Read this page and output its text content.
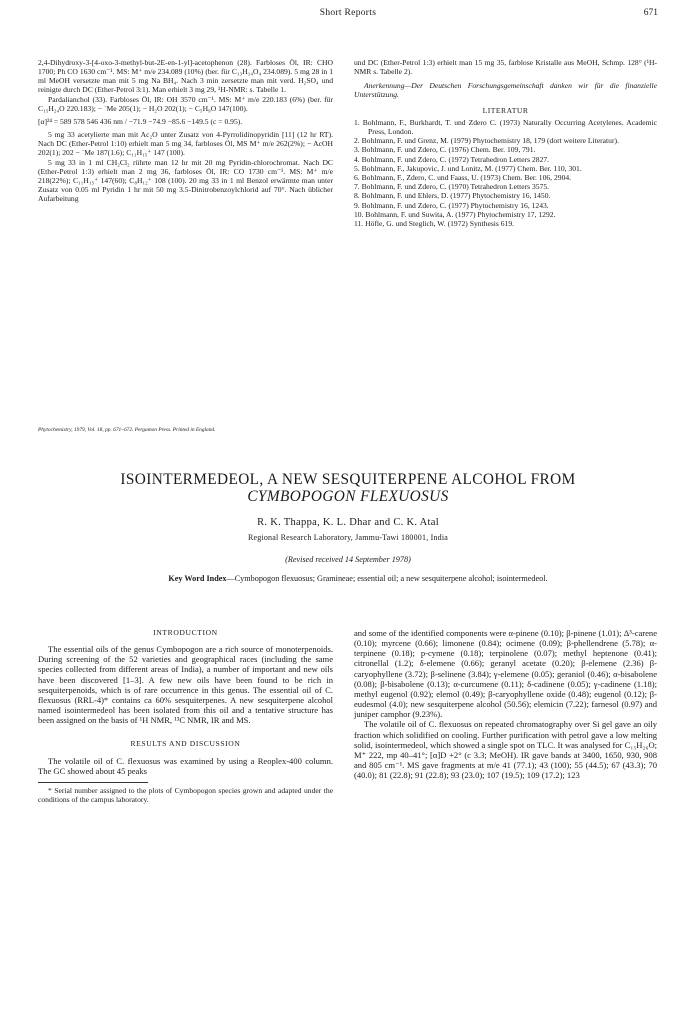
Short Reports	671

2,4-Dihydroxy-3-[4-oxo-3-methyl-but-2E-en-1-yl]-acetophenon (28). Farbloses Öl, IR: CHO 1700; Ph CO 1630 cm⁻¹. MS: M⁺ m/e 234.089 (10%) (ber. für C₁₃H₁₄O₄ 234.089). 5 mg 28 in 1 ml MeOH versetzte man mit 5 mg Na BH₄. Nach 3 min zersetzte man mit verd. H₂SO₄ und reinigte durch DC (Ether-Petrol 3:1). Man erhielt 3 mg 29, ¹H-NMR: s. Tabelle 1.

Pardalianchol (33). Farbloses Öl, IR: OH 3570 cm⁻¹. MS: M⁺ m/e 220.183 (6%) (ber. für C₁₅H₂₄O 220.183); − ˙Me 205(1); − H₂O 202(1); − C₅H₉O 147(100).

[α]²⁴ = 589 578 546 436 nm / −71.9 −74.9 −85.6 −149.5 (c = 0.95).

5 mg 33 acetylierte man mit Ac₂O unter Zusatz von 4-Pyrrolidinopyridin [11] (12 hr RT). Nach DC (Ether-Petrol 1:10) erhielt man 5 mg 34, farbloses Öl, MS M⁺ m/e 262(2%); − AcOH 202(1); 202 − ˙Me 187(1.6); C₁₁H₁₅⁺ 147 (100).

5 mg 33 in 1 ml CH₂Cl₂ rührte man 12 hr mit 20 mg Pyridin-chlorochromat. Nach DC (Ether-Petrol 1:3) erhielt man 2 mg 36, farbloses Öl, IR: CO 1730 cm⁻¹. MS: M⁺ m/e 218(22%); C₁₁H₁₅⁺ 147(60); C₈H₁₂⁺ 108 (100). 20 mg 33 in 1 ml Benzol erwärmte man unter Zusatz von 0.05 ml Pyridin 1 hr mit 50 mg 3.5-Dinitrobenzoylchlorid auf 70°. Nach üblicher Aufarbeitung

und DC (Ether-Petrol 1:3) erhielt man 15 mg 35, farblose Kristalle aus MeOH, Schmp. 128° (¹H-NMR s. Tabelle 2).

Anerkennung—Der Deutschen Forschungsgemeinschaft danken wir für die finanzielle Unterstützung.

LITERATUR

1. Bohlmann, F., Burkhardt, T. und Zdero C. (1973) Naturally Occurring Acetylenes. Academic Press, London.

2. Bohlmann, F. und Grenz, M. (1979) Phytochemistry 18, 179 (dort weitere Literatur).

3. Bohlmann, F. und Zdero, C. (1976) Chem. Ber. 109, 791.

4. Bohlmann, F. und Zdero, C. (1972) Tetrahedron Letters 2827.

5. Bohlmann, F., Jakupovic, J. und Lonitz, M. (1977) Chem. Ber. 110, 301.

6. Bohlmann, F., Zdero, C. und Faass, U. (1973) Chem. Ber. 106, 2904.

7. Bohlmann, F. und Zdero, C. (1970) Tetrahedron Letters 3575.

8. Bohlmann, F. und Ehlers, D. (1977) Phytochemistry 16, 1450.

9. Bohlmann, F. und Zdero, C. (1977) Phytochemistry 16, 1243.

10. Bohlmann, F. und Suwita, A. (1977) Phytochemistry 17, 1292.

11. Höfle, G. und Steglich, W. (1972) Synthesis 619.

Phytochemistry, 1979, Vol. 18, pp. 671–672. Pergamon Press. Printed in England.
ISOINTERMEDEOL, A NEW SESQUITERPENE ALCOHOL FROM
CYMBOPOGON FLEXUOSUS
R. K. Thappa, K. L. Dhar and C. K. Atal
Regional Research Laboratory, Jammu-Tawi 180001, India
(Revised received 14 September 1978)
Key Word Index—Cymbopogon flexuosus; Gramineae; essential oil; a new sesquiterpene alcohol; isointermedeol.
INTRODUCTION

The essential oils of the genus Cymbopogon are a rich source of monoterpenoids. During screening of the 52 varieties and geographical races (including the same species collected from different areas of India), a number of important and new oils have been discovered [1–3]. A few new oils have been found to be rich in sesquiterpenoids, which is of rare occurrence in this genus. The essential oil of C. flexuosus (RRL-4)* contains ca 60% sesquiterpenes. A new sesquiterpene alcohol named isointermedeol has been isolated from this oil and a tentative structure has been assigned on the basis of ¹H NMR, ¹³C NMR, IR and MS.

RESULTS AND DISCUSSION

The volatile oil of C. flexuosus was examined by using a Reoplex-400 column. The GC showed about 45 peaks

* Serial number assigned to the plots of Cymbopogon species grown and adapted under the conditions of the campus laboratory.

and some of the identified components were α-pinene (0.10); β-pinene (1.01); Δ³-carene (0.10); myrcene (0.66); limonene (0.84); ocimene (0.09); β-phellendrene (5.78); α-terpinene (0.18); p-cymene (0.18); terpinolene (0.07); methyl heptenone (0.41); citronellal (1.2); δ-elemene (0.66); geranyl acetate (0.20); β-elemene (2.36) β-caryophyllene (3.72); β-selinene (3.84); γ-elemene (0.05); geraniol (0.46); α-bisabolene (0.08); β-bisabolene (0.13); α-curcumene (0.11); δ-cadinene (0.05); γ-cadinene (1.18); methyl eugenol (0.92); elemol (0.49); β-caryophyllene oxide (0.48); eugenol (0.12); β-eudesmol (4.0); new sesquiterpene alcohol (50.56); elemicin (7.22); farnesol (0.97) and juniper camphor (9.23%).

The volatile oil of C. flexuosus on repeated chromatography over Si gel gave an oily fraction which solidified on cooling. Further purification with petrol gave a low melting solid, isointermedeol, which showed a single spot on TLC. It was analysed for C₁₅H₂₆O; M⁺ 222, mp 40–41°; [α]D +2° (c 3.3; MeOH). IR gave bands at 3400, 1650, 930, 908 and 805 cm⁻¹. MS gave fragments at m/e 41 (77.1); 43 (100); 55 (44.5); 67 (43.3); 70 (40.0); 81 (22.8); 91 (22.8); 93 (23.0); 107 (19.5); 109 (17.2); 123
